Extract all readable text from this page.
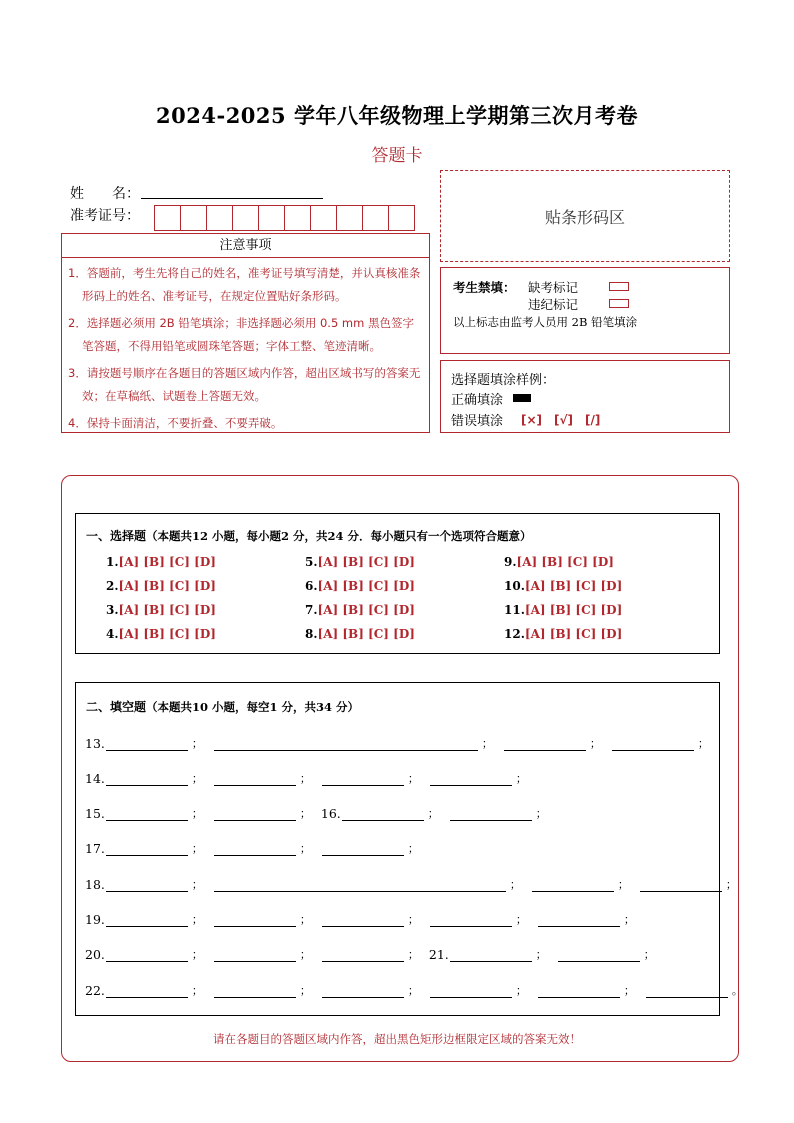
2024-2025 学年八年级物理上学期第三次月考卷
答题卡
姓　　名：
准考证号：	贴条形码区
注意事项

1．答题前，考生先将自己的姓名，准考证号填写清楚，并认真核准条形码上的姓名、准考证号，在规定位置贴好条形码。

2．选择题必须用 2B 铅笔填涂；非选择题必须用 0.5 mm 黑色签字笔答题，不得用铅笔或圆珠笔答题；字体工整、笔迹清晰。

3．请按题号顺序在各题目的答题区域内作答，超出区域书写的答案无效；在草稿纸、试题卷上答题无效。

4．保持卡面清洁，不要折叠、不要弄破。

考生禁填： 缺考标记
违纪标记
以上标志由监考人员用 2B 铅笔填涂
选择题填涂样例：
正确填涂
错误填涂 [×]　[√]　[/]
一、选择题（本题共12 小题，每小题2 分，共24 分．每小题只有一个选项符合题意）
1.[A] [B] [C] [D]
2.[A] [B] [C] [D]
3.[A] [B] [C] [D]
4.[A] [B] [C] [D]
5.[A] [B] [C] [D]
6.[A] [B] [C] [D]
7.[A] [B] [C] [D]
8.[A] [B] [C] [D]
9.[A] [B] [C] [D]
10.[A] [B] [C] [D]
11.[A] [B] [C] [D]
12.[A] [B] [C] [D]
二、填空题（本题共10 小题，每空1 分，共34 分）
13.	；	；	；	；
14.	；	；	；	；
15.	；	； 16.	；	；
17.	；	；	；
18.	；	；	；	；
19.	；	；	；	；	；
20.	；	；	； 21.	；	；
22.	；	；	；	；	；	。
请在各题目的答题区域内作答，超出黑色矩形边框限定区域的答案无效！
